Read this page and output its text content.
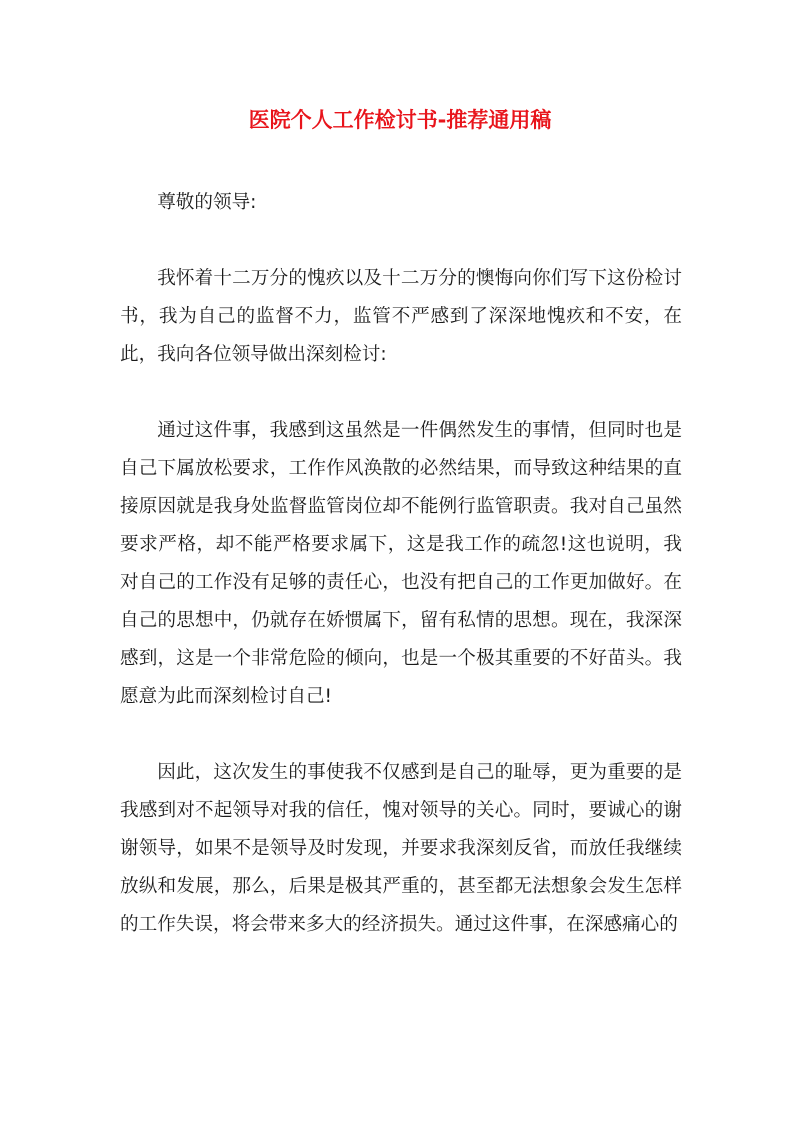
医院个人工作检讨书-推荐通用稿

尊敬的领导:

我怀着十二万分的愧疚以及十二万分的懊悔向你们写下这份检讨书，我为自己的监督不力，监管不严感到了深深地愧疚和不安，在此，我向各位领导做出深刻检讨:

通过这件事，我感到这虽然是一件偶然发生的事情，但同时也是自己下属放松要求，工作作风涣散的必然结果，而导致这种结果的直接原因就是我身处监督监管岗位却不能例行监管职责。我对自己虽然要求严格，却不能严格要求属下，这是我工作的疏忽!这也说明，我对自己的工作没有足够的责任心，也没有把自己的工作更加做好。在自己的思想中，仍就存在娇惯属下，留有私情的思想。现在，我深深感到，这是一个非常危险的倾向，也是一个极其重要的不好苗头。我愿意为此而深刻检讨自己!

因此，这次发生的事使我不仅感到是自己的耻辱，更为重要的是我感到对不起领导对我的信任，愧对领导的关心。同时，要诚心的谢谢领导，如果不是领导及时发现，并要求我深刻反省，而放任我继续放纵和发展，那么，后果是极其严重的，甚至都无法想象会发生怎样的工作失误，将会带来多大的经济损失。通过这件事，在深感痛心的
